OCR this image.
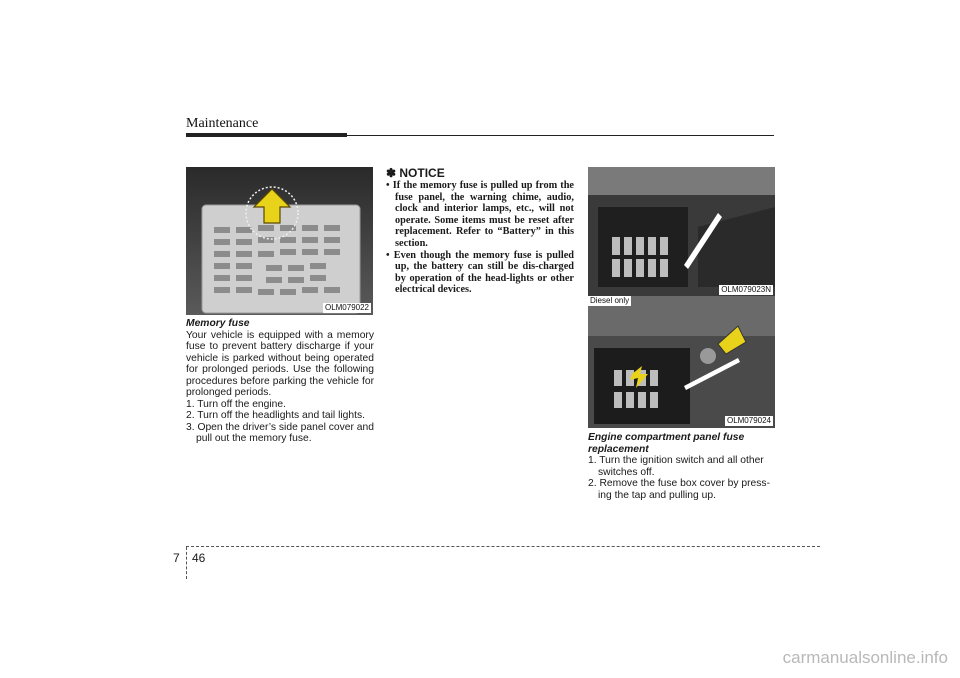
Maintenance
OLM079022

Memory fuse

Your vehicle is equipped with a memory fuse to prevent battery discharge if your vehicle is parked without being operated for prolonged periods. Use the following procedures before parking the vehicle for prolonged periods.

1. Turn off the engine.

2. Turn off the headlights and tail lights.

3. Open the driver’s side panel cover and pull out the memory fuse.

✽ NOTICE
• If the memory fuse is pulled up from the fuse panel, the warning chime, audio, clock and interior lamps, etc., will not operate. Some items must be reset after replacement. Refer to “Battery” in this section.
• Even though the memory fuse is pulled up, the battery can still be dis-charged by operation of the head-lights or other electrical devices.	OLM079023N
Diesel only
OLM079024

Engine compartment panel fuse replacement

1. Turn the ignition switch and all other switches off.

2. Remove the fuse box cover by press-ing the tap and pulling up.

7 46
carmanualsonline.info
